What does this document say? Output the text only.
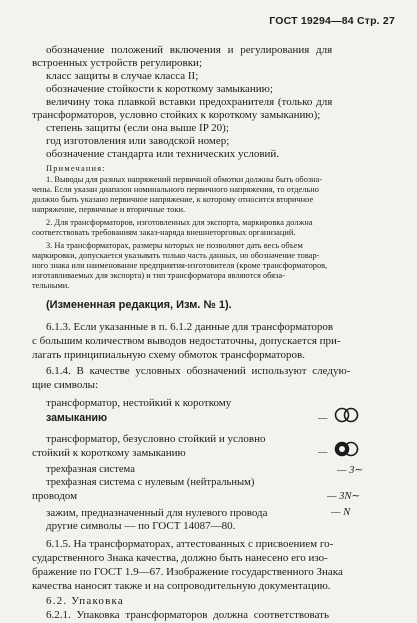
ГОСТ 19294—84 Стр. 27
обозначение положений включения и регулирования для
встроенных устройств регулировки;
класс защиты в случае класса II;
обозначение стойкости к короткому замыканию;
величину тока плавкой вставки предохранителя (только для
трансформаторов, условно стойких к короткому замыканию);
степень защиты (если она выше IP 20);
год изготовления или заводской номер;
обозначение стандарта или технических условий.
Примечания:
1. Выводы для разных напряжений первичной обмотки должны быть обозна-
чены. Если указан диапазон номинального первичного напряжения, то отдельно
должно быть указано первичное напряжение, к которому относится вторичное
напряжение, первичные и вторичные токи.
2. Для трансформаторов, изготовленных для экспорта, маркировка должна
соответствовать требованиям заказ-наряда внешнеторговых организаций.
3. На трансформаторах, размеры которых не позволяют дать весь объем
маркировки, допускается указывать только часть данных, но обозначение товар-
ного знака или наименование предприятия-изготовителя (кроме трансформаторов,
изготавливаемых для экспорта) и тип трансформатора являются обяза-
тельными.
(Измененная редакция, Изм. № 1).
6.1.3. Если указанные в п. 6.1.2 данные для трансформаторов
с большим количеством выводов недостаточны, допускается при-
лагать принципиальную схему обмоток трансформаторов.
6.1.4. В качестве условных обозначений используют следую-
щие символы:
трансформатор, нестойкий к короткому
замыканию	—
трансформатор, безусловно стойкий и условно
стойкий к короткому замыканию	—
трехфазная система	— 3∼
трехфазная система с нулевым (нейтральным)
проводом	— 3N∼
зажим, предназначенный для нулевого провода	— N
другие символы — по ГОСТ 14087—80.
6.1.5. На трансформаторах, аттестованных с присвоением го-
сударственного Знака качества, должно быть нанесено его изо-
бражение по ГОСТ 1.9—67. Изображение государственного Знака
качества наносят также и на сопроводительную документацию.
6.2. Упаковка
6.2.1. Упаковка трансформаторов должна соответствовать
